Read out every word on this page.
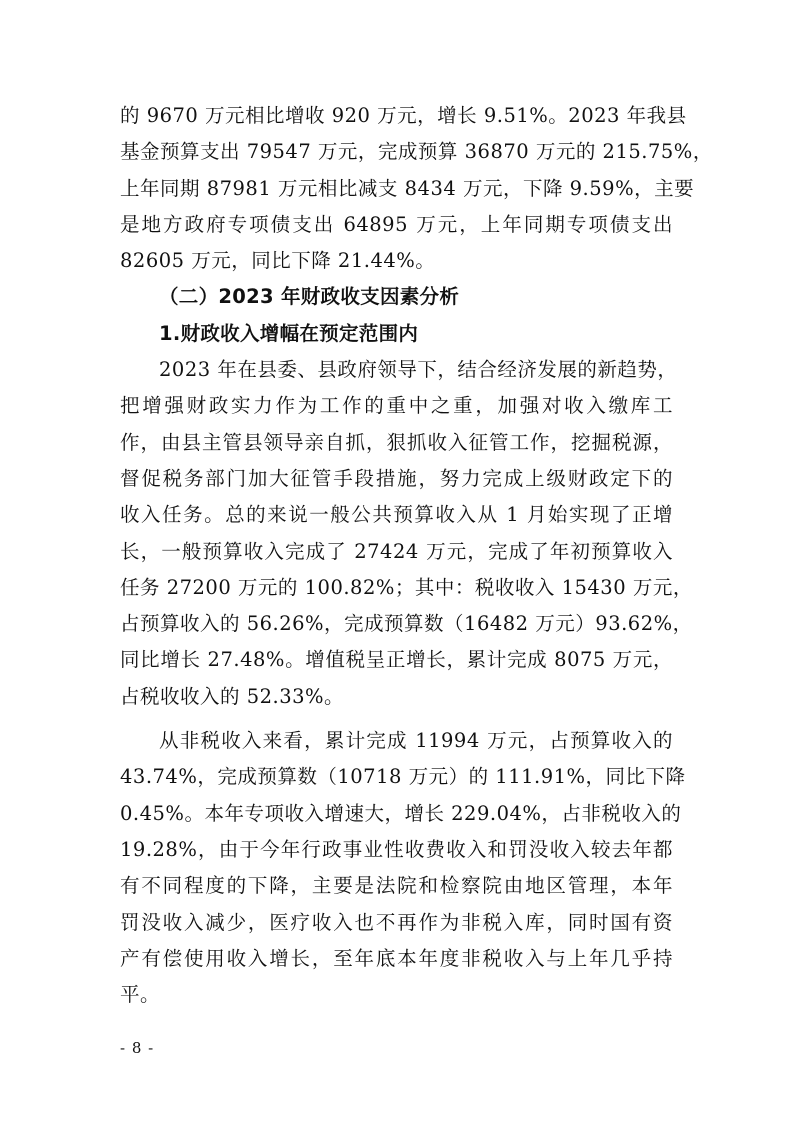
的 9670 万元相比增收 920 万元，增长 9.51%。2023 年我县
基金预算支出 79547 万元，完成预算 36870 万元的 215.75%，
上年同期 87981 万元相比减支 8434 万元，下降 9.59%，主要
是地方政府专项债支出 64895 万元，上年同期专项债支出
82605 万元，同比下降 21.44%。
（二）2023 年财政收支因素分析
1.财政收入增幅在预定范围内
2023 年在县委、县政府领导下，结合经济发展的新趋势，
把增强财政实力作为工作的重中之重，加强对收入缴库工
作，由县主管县领导亲自抓，狠抓收入征管工作，挖掘税源，
督促税务部门加大征管手段措施，努力完成上级财政定下的
收入任务。总的来说一般公共预算收入从 1 月始实现了正增
长，一般预算收入完成了 27424 万元，完成了年初预算收入
任务 27200 万元的 100.82%；其中：税收收入 15430 万元，
占预算收入的 56.26%，完成预算数（16482 万元）93.62%，
同比增长 27.48%。增值税呈正增长，累计完成 8075 万元，
占税收收入的 52.33%。
从非税收入来看，累计完成 11994 万元，占预算收入的
43.74%，完成预算数（10718 万元）的 111.91%，同比下降
0.45%。本年专项收入增速大，增长 229.04%，占非税收入的
19.28%，由于今年行政事业性收费收入和罚没收入较去年都
有不同程度的下降，主要是法院和检察院由地区管理，本年
罚没收入减少，医疗收入也不再作为非税入库，同时国有资
产有偿使用收入增长，至年底本年度非税收入与上年几乎持
平。
- 8 -
